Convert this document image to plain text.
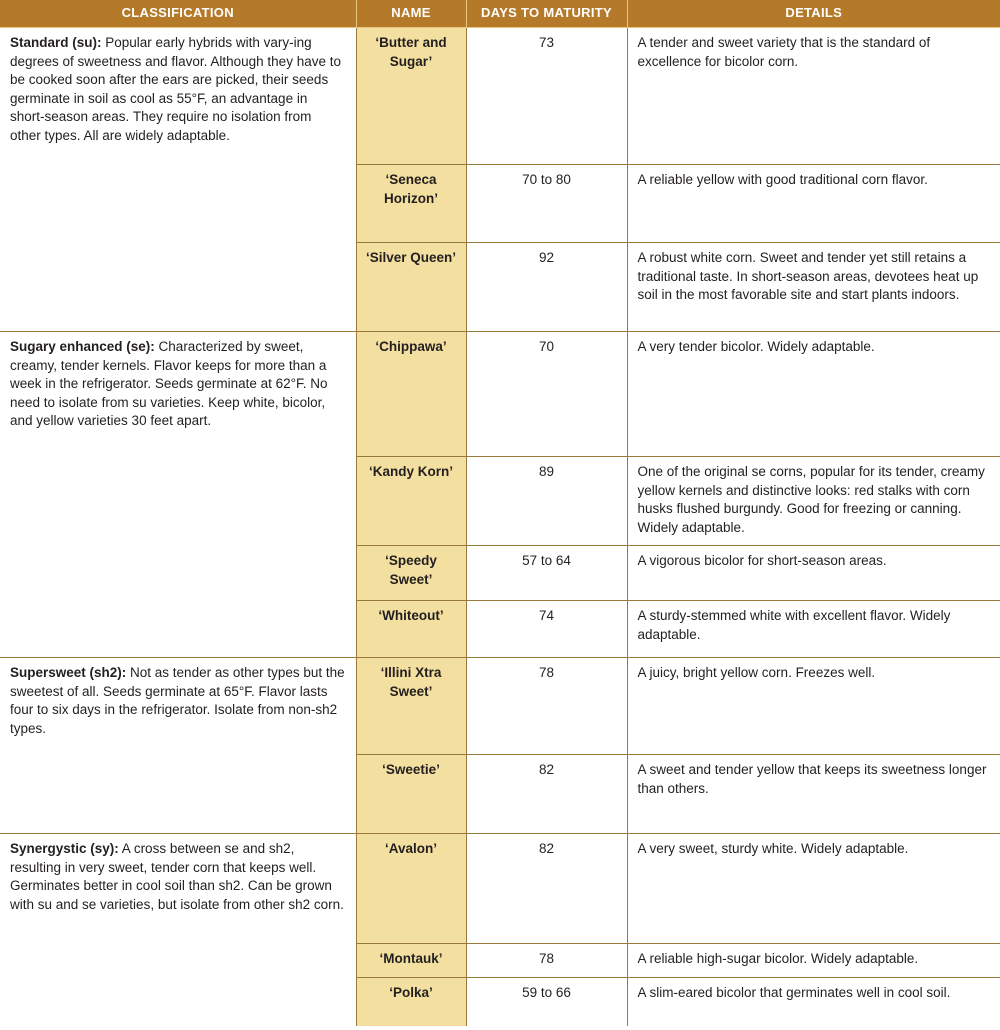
CLASSIFICATION	NAME	DAYS TO MATURITY	DETAILS
Standard (su): Popular early hybrids with vary-ing degrees of sweetness and flavor. Although they have to be cooked soon after the ears are picked, their seeds germinate in soil as cool as 55°F, an advantage in short-season areas. They require no isolation from other types. All are widely adaptable.	‘Butter and Sugar’	73	A tender and sweet variety that is the standard of excellence for bicolor corn.
	‘Seneca Horizon’	70 to 80	A reliable yellow with good traditional corn flavor.
	‘Silver Queen’	92	A robust white corn. Sweet and tender yet still retains a traditional taste. In short-season areas, devotees heat up soil in the most favorable site and start plants indoors.
Sugary enhanced (se): Characterized by sweet, creamy, tender kernels. Flavor keeps for more than a week in the refrigerator. Seeds germinate at 62°F. No need to isolate from su varieties. Keep white, bicolor, and yellow varieties 30 feet apart.	‘Chippawa’	70	A very tender bicolor. Widely adaptable.
	‘Kandy Korn’	89	One of the original se corns, popular for its tender, creamy yellow kernels and distinctive looks: red stalks with corn husks flushed burgundy. Good for freezing or canning. Widely adaptable.
	‘Speedy Sweet’	57 to 64	A vigorous bicolor for short-season areas.
	‘Whiteout’	74	A sturdy-stemmed white with excellent flavor. Widely adaptable.
Supersweet (sh2): Not as tender as other types but the sweetest of all. Seeds germinate at 65°F. Flavor lasts four to six days in the refrigerator. Isolate from non-sh2 types.	‘Illini Xtra Sweet’	78	A juicy, bright yellow corn. Freezes well.
	‘Sweetie’	82	A sweet and tender yellow that keeps its sweetness longer than others.
Synergystic (sy): A cross between se and sh2, resulting in very sweet, tender corn that keeps well. Germinates better in cool soil than sh2. Can be grown with su and se varieties, but isolate from other sh2 corn.	‘Avalon’	82	A very sweet, sturdy white. Widely adaptable.
	‘Montauk’	78	A reliable high-sugar bicolor. Widely adaptable.
	‘Polka’	59 to 66	A slim-eared bicolor that germinates well in cool soil.
